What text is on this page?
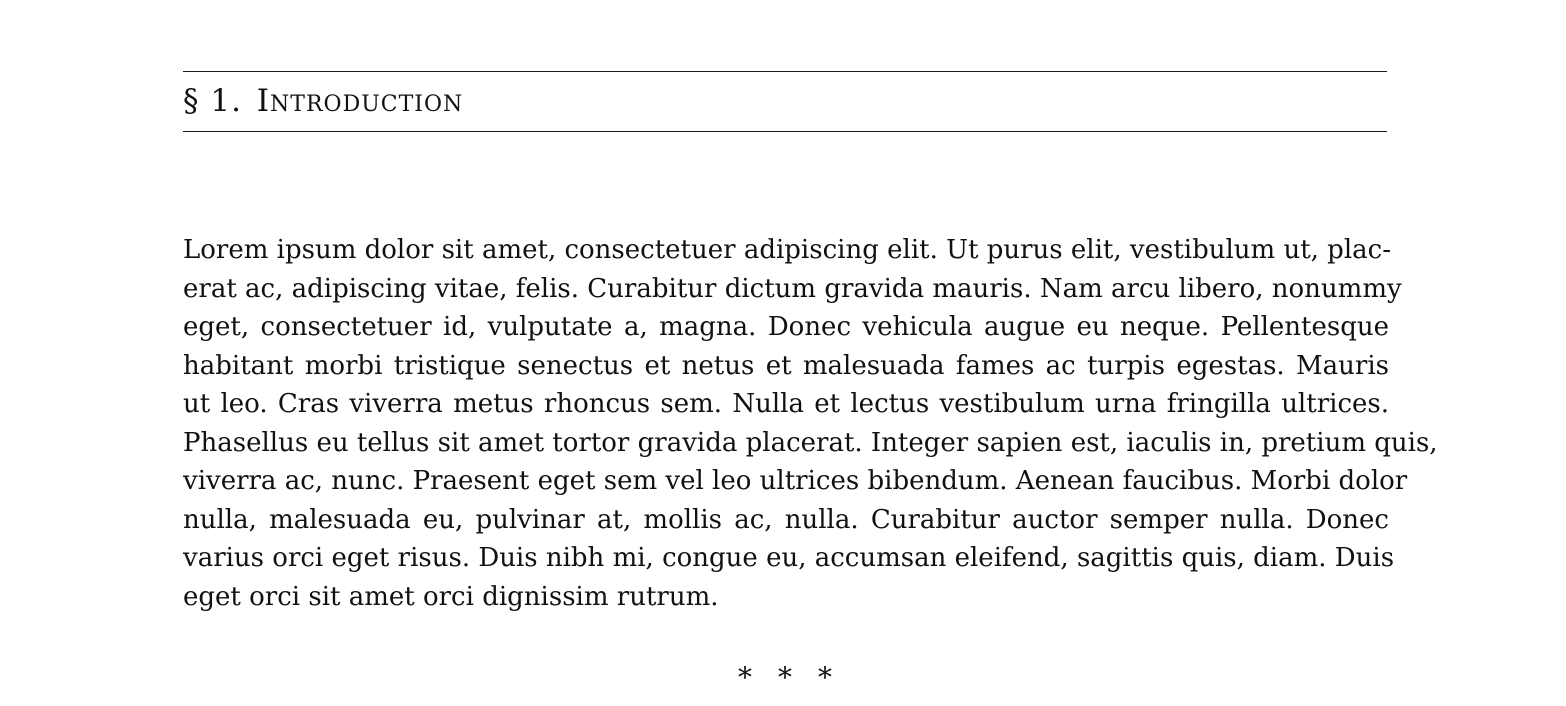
§ 1. Introduction

Lorem ipsum dolor sit amet, consectetuer adipiscing elit. Ut purus elit, vestibulum ut, plac-
erat ac, adipiscing vitae, felis. Curabitur dictum gravida mauris. Nam arcu libero, nonummy
eget, consectetuer id, vulputate a, magna. Donec vehicula augue eu neque. Pellentesque
habitant morbi tristique senectus et netus et malesuada fames ac turpis egestas. Mauris
ut leo. Cras viverra metus rhoncus sem. Nulla et lectus vestibulum urna fringilla ultrices.
Phasellus eu tellus sit amet tortor gravida placerat. Integer sapien est, iaculis in, pretium quis,
viverra ac, nunc. Praesent eget sem vel leo ultrices bibendum. Aenean faucibus. Morbi dolor
nulla, malesuada eu, pulvinar at, mollis ac, nulla. Curabitur auctor semper nulla. Donec
varius orci eget risus. Duis nibh mi, congue eu, accumsan eleifend, sagittis quis, diam. Duis
eget orci sit amet orci dignissim rutrum.

* * *
